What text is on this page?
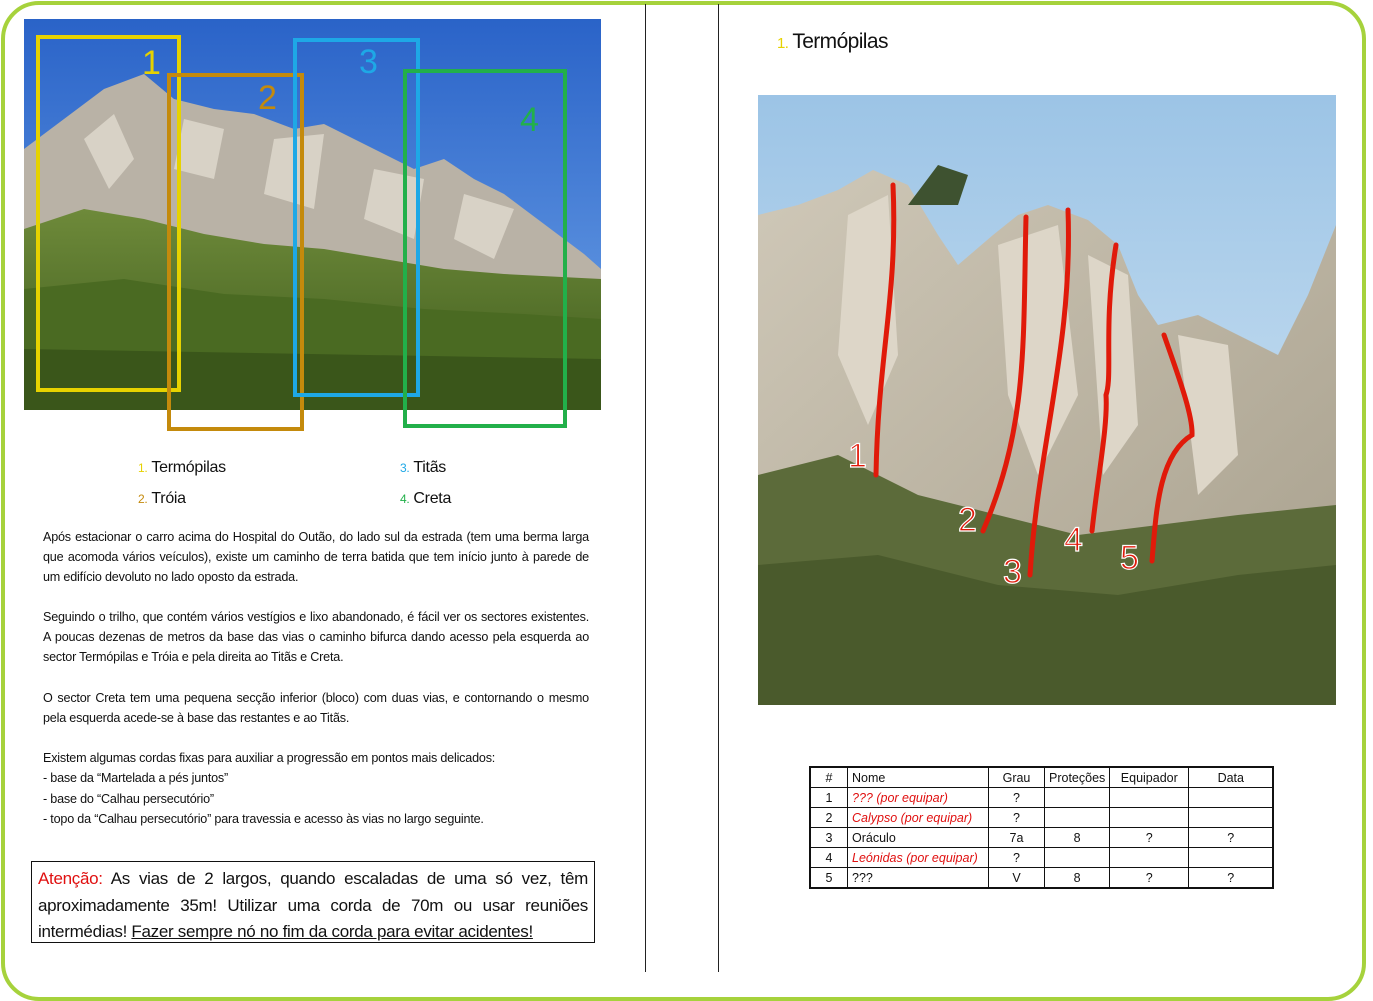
1
2
3
4
1. Termópilas
2. Tróia
3. Titãs
4. Creta

Após estacionar o carro acima do Hospital do Outão, do lado sul da estrada (tem uma berma larga que acomoda vários veículos), existe um caminho de terra batida que tem início junto à parede de um edifício devoluto no lado oposto da estrada.

Seguindo o trilho, que contém vários vestígios e lixo abandonado, é fácil ver os sectores existentes. A poucas dezenas de metros da base das vias o caminho bifurca dando acesso pela esquerda ao sector Termópilas e Tróia e pela direita ao Titãs e Creta.

O sector Creta tem uma pequena secção inferior (bloco) com duas vias, e contornando o mesmo pela esquerda acede-se à base das restantes e ao Titãs.

Existem algumas cordas fixas para auxiliar a progressão em pontos mais delicados:

- base da “Martelada a pés juntos”
- base do “Calhau persecutório”
- topo da “Calhau persecutório” para travessia e acesso às vias no largo seguinte.
Atenção: As vias de 2 largos, quando escaladas de uma só vez, têm aproximadamente 35m! Utilizar uma corda de 70m ou usar reuniões intermédias! Fazer sempre nó no fim da corda para evitar acidentes!
1. Termópilas
1
2
3
4 5
#	Nome	Grau	Proteções	Equipador	Data
1	??? (por equipar)	?			
2	Calypso (por equipar)	?			
3	Oráculo	7a	8	?	?
4	Leónidas (por equipar)	?			
5	???	V	8	?	?
